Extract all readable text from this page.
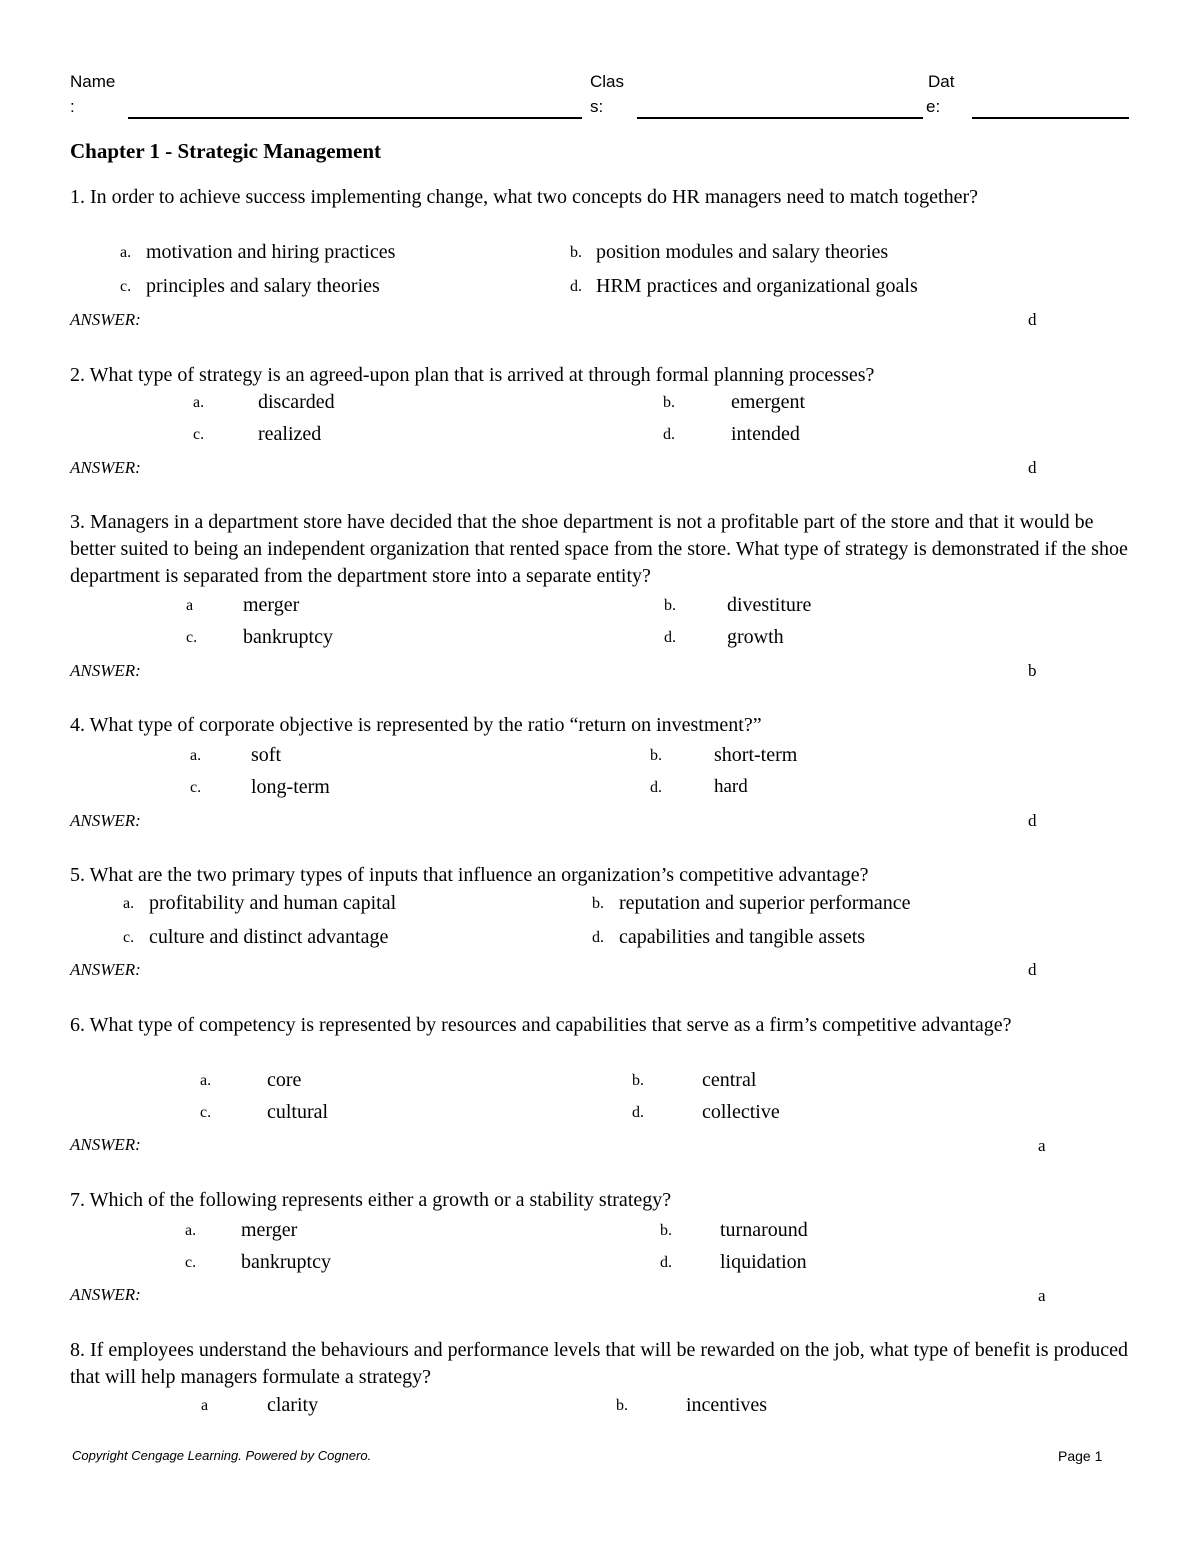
Name
:
Clas
s:
Dat
e:
Chapter 1 - Strategic Management
1. In order to achieve success implementing change, what two concepts do HR managers need to match together?
a. motivation and hiring practices	b. position modules and salary theories
c. principles and salary theories	d. HRM practices and organizational goals
ANSWER:	d
2. What type of strategy is an agreed-upon plan that is arrived at through formal planning processes?
a.	discarded	b.	emergent
c.	realized	d.	intended
ANSWER:	d
3. Managers in a department store have decided that the shoe department is not a profitable part of the store and that it would be better suited to being an independent organization that rented space from the store. What type of strategy is demonstrated if the shoe department is separated from the department store into a separate entity?
a merger	b.	divestiture
c. bankruptcy	d.	growth
ANSWER:	b
4. What type of corporate objective is represented by the ratio “return on investment?”
a. soft	b.	short-term
c. long-term	d.	hard
ANSWER:	d
5. What are the two primary types of inputs that influence an organization’s competitive advantage?
a. profitability and human capital	b. reputation and superior performance
c. culture and distinct advantage	d. capabilities and tangible assets
ANSWER:	d
6. What type of competency is represented by resources and capabilities that serve as a firm’s competitive advantage?
a.	core	b.	central
c.	cultural	d.	collective
ANSWER:	a
7. Which of the following represents either a growth or a stability strategy?
a. merger	b. turnaround
c. bankruptcy	d. liquidation
ANSWER:	a
8. If employees understand the behaviours and performance levels that will be rewarded on the job, what type of benefit is produced that will help managers formulate a strategy?
a	clarity	b.	incentives
Copyright Cengage Learning. Powered by Cognero.	Page 1
